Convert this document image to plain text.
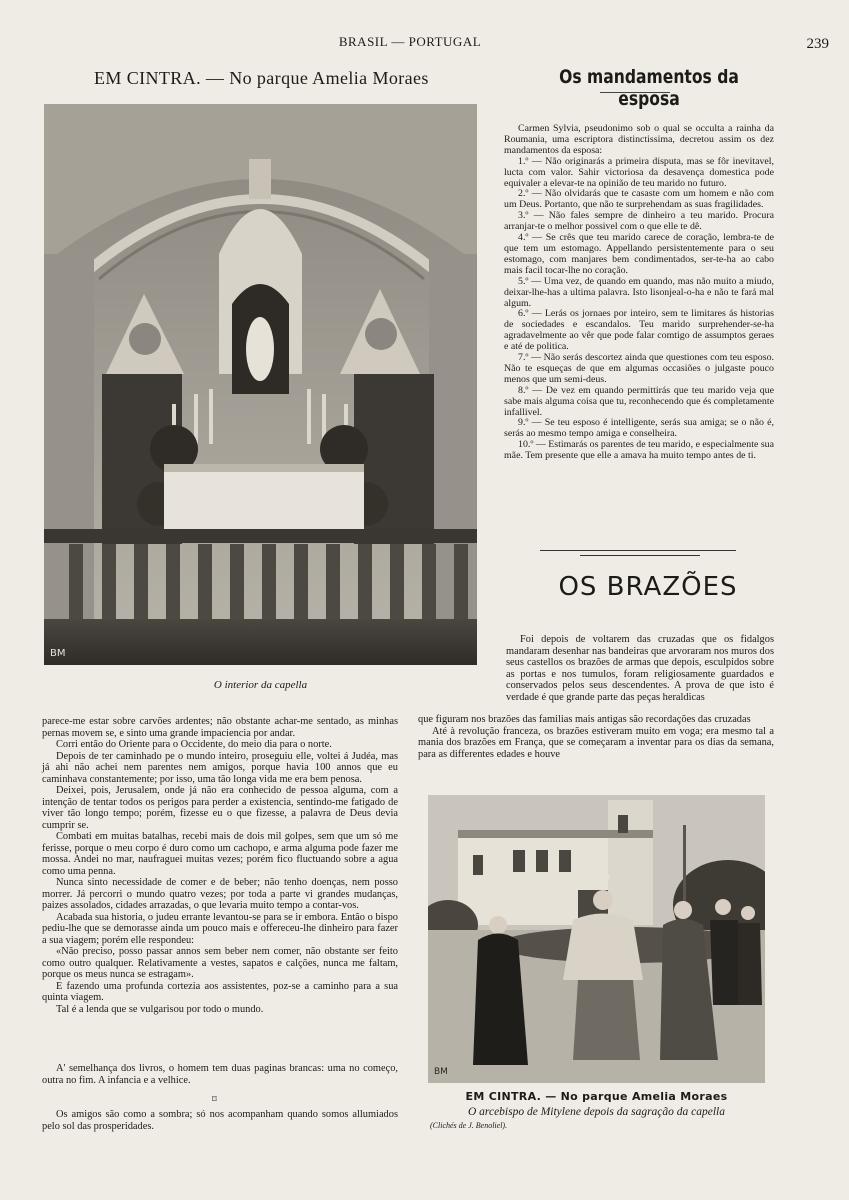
BRASIL — PORTUGAL	239
EM CINTRA. — No parque Amelia Moraes	Os mandamentos da esposa
BM
O interior da capella

parece-me estar sobre carvões ardentes; não obstante achar-me sentado, as minhas pernas movem se, e sinto uma grande impaciencia por andar.

Corri então do Oriente para o Occidente, do meio dia para o norte.

Depois de ter caminhado pe o mundo inteiro, proseguiu elle, voltei á Judéa, mas já ahi não achei nem parentes nem amigos, porque havia 100 annos que eu caminhava constantemente; por isso, uma tão longa vida me era bem penosa.

Deixei, pois, Jerusalem, onde já não era conhecido de pessoa alguma, com a intenção de tentar todos os perigos para perder a existencia, sentindo-me fatigado de viver tão longo tempo; porém, fizesse eu o que fizesse, a palavra de Deus devia cumprir se.

Combati em muitas batalhas, recebi mais de dois mil golpes, sem que um só me ferisse, porque o meu corpo é duro como um cachopo, e arma alguma pode fazer me mossa. Andei no mar, naufraguei muitas vezes; porém fico fluctuando sobre a agua como uma penna.

Nunca sinto necessidade de comer e de beber; não tenho doenças, nem posso morrer. Já percorri o mundo quatro vezes; por toda a parte vi grandes mudanças, paizes assolados, cidades arrazadas, o que levaria muito tempo a contar-vos.

Acabada sua historia, o judeu errante levantou-se para se ir embora. Então o bispo pediu-lhe que se demorasse ainda um pouco mais e offereceu-lhe dinheiro para fazer a sua viagem; porém elle respondeu:

«Não preciso, posso passar annos sem beber nem comer, não obstante ser feito como outro qualquer. Relativamente a vestes, sapatos e calções, nunca me faltam, porque os meus nunca se estragam».

E fazendo uma profunda cortezia aos assistentes, poz-se a caminho para a sua quinta viagem.

Tal é a lenda que se vulgarisou por todo o mundo.

A' semelhança dos livros, o homem tem duas paginas brancas: uma no começo, outra no fim. A infancia e a velhice.

⌑

Os amigos são como a sombra; só nos acompanham quando somos allumiados pelo sol das prosperidades.

Carmen Sylvia, pseudonimo sob o qual se occulta a rainha da Roumania, uma escriptora distinctissima, decretou assim os dez mandamentos da esposa:

1.º — Não originarás a primeira disputa, mas se fôr inevitavel, lucta com valor. Sahir victoriosa da desavença domestica pode equivaler a elevar-te na opinião de teu marido no futuro.

2.º — Não olvidarás que te casaste com um homem e não com um Deus. Portanto, que não te surprehendam as suas fragilidades.

3.º — Não fales sempre de dinheiro a teu marido. Procura arranjar-te o melhor possivel com o que elle te dê.

4.º — Se crês que teu marido carece de coração, lembra-te de que tem um estomago. Appellando persistentemente para o seu estomago, com manjares bem condimentados, ser-te-ha ao cabo mais facil tocar-lhe no coração.

5.º — Uma vez, de quando em quando, mas não muito a miudo, deixar-lhe-has a ultima palavra. Isto lisonjeal-o-ha e não te fará mal algum.

6.º — Lerás os jornaes por inteiro, sem te limitares ás historias de sociedades e escandalos. Teu marido surprehender-se-ha agradavelmente ao vêr que pode falar comtigo de assumptos geraes e até de politica.

7.º — Não serás descortez ainda que questiones com teu esposo. Não te esqueças de que em algumas occasiões o julgaste pouco menos que um semi-deus.

8.º — De vez em quando permittirás que teu marido veja que sabe mais alguma coisa que tu, reconhecendo que és completamente infallivel.

9.º — Se teu esposo é intelligente, serás sua amiga; se o não é, serás ao mesmo tempo amiga e conselheira.

10.º — Estimarás os parentes de teu marido, e especialmente sua mãe. Tem presente que elle a amava ha muito tempo antes de ti.

OS BRAZÕES

Foi depois de voltarem das cruzadas que os fidalgos mandaram desenhar nas bandeiras que arvoraram nos muros dos seus castellos os brazões de armas que depois, esculpidos sobre as portas e nos tumulos, foram religiosamente guardados e conservados pelos seus descendentes. A prova de que isto é verdade é que grande parte das peças heraldicas

que figuram nos brazões das familias mais antigas são recordações das cruzadas

Até à revolução franceza, os brazões estiveram muito em voga; era mesmo tal a mania dos brazões em França, que se começaram a inventar para os dias da semana, para as differentes edades e houve

BM
EM CINTRA. — No parque Amelia Moraes
O arcebispo de Mitylene depois da sagração da capella
(Clichés de J. Benoliel).
